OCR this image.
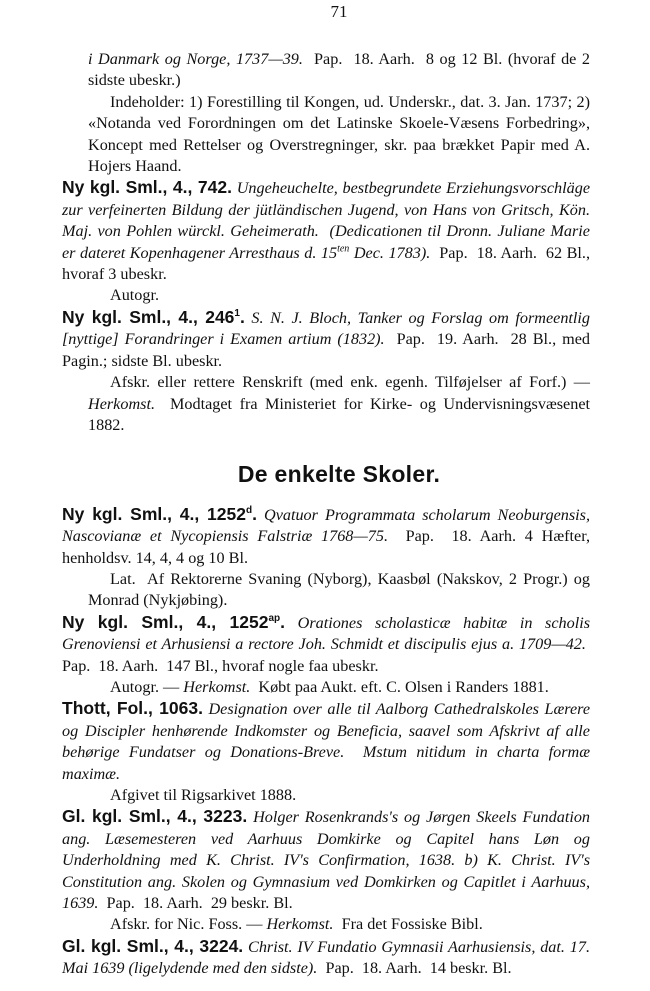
71

i Danmark og Norge, 1737—39.  Pap.  18. Aarh.  8 og 12 Bl. (hvoraf de 2 sidste ubeskr.)

Indeholder: 1) Forestilling til Kongen, ud. Underskr., dat. 3. Jan. 1737; 2) «Notanda ved Forordningen om det Latinske Skoele-Væsens Forbedring», Koncept med Rettelser og Overstregninger, skr. paa brækket Papir med A. Hojers Haand.

Ny kgl. Sml., 4., 742. Ungeheuchelte, bestbegrundete Erziehungsvorschläge zur verfeinerten Bildung der jütländischen Jugend, von Hans von Gritsch, Kön. Maj. von Pohlen würckl. Geheimerath.  (Dedicationen til Dronn. Juliane Marie er dateret Kopenhagener Arresthaus d. $15^{ten}$ Dec. 1783).  Pap.  18. Aarh.  62 Bl., hvoraf 3 ubeskr.

Autogr.

Ny kgl. Sml., 4., $246^1$. S. N. J. Bloch, Tanker og Forslag om formeentlig [nyttige] Forandringer i Examen artium (1832).  Pap.  19. Aarh.  28 Bl., med Pagin.; sidste Bl. ubeskr.

Afskr. eller rettere Renskrift (med enk. egenh. Tilføjelser af Forf.) — Herkomst.  Modtaget fra Ministeriet for Kirke- og Undervisningsvæsenet 1882.

De enkelte Skoler.

Ny kgl. Sml., 4., 1252$^d$. Qvatuor Programmata scholarum Neoburgensis, Nascovianæ et Nycopiensis Falstriæ 1768—75.  Pap.  18. Aarh. 4 Hæfter, henholdsv. 14, 4, 4 og 10 Bl.

Lat.  Af Rektorerne Svaning (Nyborg), Kaasbøl (Nakskov, 2 Progr.) og Monrad (Nykjøbing).

Ny kgl. Sml., 4., $1252^{ap}$. Orationes scholasticæ habitæ in scholis Grenoviensi et Arhusiensi a rectore Joh. Schmidt et discipulis ejus a. 1709—42.  Pap.  18. Aarh.  147 Bl., hvoraf nogle faa ubeskr.

Autogr. — Herkomst.  Købt paa Aukt. eft. C. Olsen i Randers 1881.

Thott, Fol., 1063. Designation over alle til Aalborg Cathedralskoles Lærere og Discipler henhørende Indkomster og Beneficia, saavel som Afskrivt af alle behørige Fundatser og Donations-Breve.  Mstum nitidum in charta formæ maximæ.

Afgivet til Rigsarkivet 1888.

Gl. kgl. Sml., 4., 3223. Holger Rosenkrands's og Jørgen Skeels Fundation ang. Læsemesteren ved Aarhuus Domkirke og Capitel hans Løn og Underholdning med K. Christ. IV's Confirmation, 1638. b) K. Christ. IV's Constitution ang. Skolen og Gymnasium ved Domkirken og Capitlet i Aarhuus, 1639.  Pap.  18. Aarh.  29 beskr. Bl.

Afskr. for Nic. Foss. — Herkomst.  Fra det Fossiske Bibl.

Gl. kgl. Sml., 4., 3224. Christ. IV Fundatio Gymnasii Aarhusiensis, dat. 17. Mai 1639 (ligelydende med den sidste).  Pap.  18. Aarh.  14 beskr. Bl.
